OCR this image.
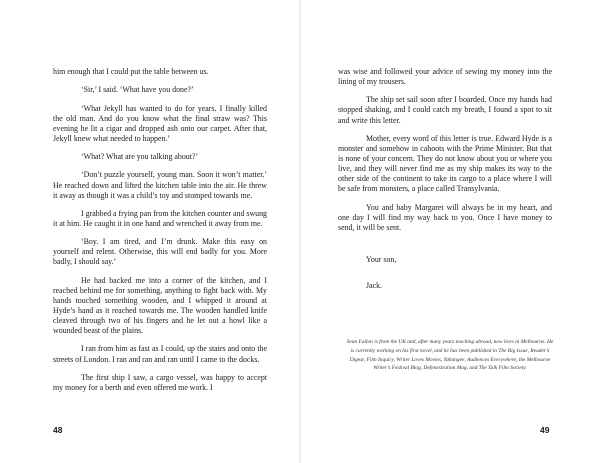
him enough that I could put the table between us.

‘Sir,’ I said. ‘What have you done?’

‘What Jekyll has wanted to do for years. I finally killed the old man. And do you know what the final straw was? This evening he lit a cigar and dropped ash onto our carpet. After that, Jekyll knew what needed to happen.’

‘What? What are you talking about?’

‘Don’t puzzle yourself, young man. Soon it won’t matter.’ He reached down and lifted the kitchen table into the air. He threw it away as though it was a child’s toy and stomped towards me.

I grabbed a frying pan from the kitchen counter and swung it at him. He caught it in one hand and wrenched it away from me.

‘Boy. I am tired, and I’m drunk. Make this easy on yourself and relent. Otherwise, this will end badly for you. More badly, I should say.’

He had backed me into a corner of the kitchen, and I reached behind me for something, anything to fight back with. My hands touched something wooden, and I whipped it around at Hyde’s hand as it reached towards me. The wooden handled knife cleaved through two of his fingers and he let out a howl like a wounded beast of the plains.

I ran from him as fast as I could, up the stairs and onto the streets of London. I ran and ran and ran until I came to the docks.

The first ship I saw, a cargo vessel, was happy to accept my money for a berth and even offered me work. I

48

was wise and followed your advice of sewing my money into the lining of my trousers.

The ship set sail soon after I boarded. Once my hands had stopped shaking, and I could catch my breath, I found a spot to sit and write this letter.

Mother, every word of this letter is true. Edward Hyde is a monster and somehow in cahoots with the Prime Minister. But that is none of your concern. They do not know about you or where you live, and they will never find me as my ship makes its way to the other side of the continent to take its cargo to a place where I will be safe from monsters, a place called Transylvania.

You and baby Margaret will always be in my heart, and one day I will find my way back to you. Once I have money to send, it will be sent.

Your son,

Jack.

Sean Fallon is from the UK and, after many years teaching abroad, now lives in Melbourne. He is currently working on his first novel, and he has been published in The Big Issue, Reader’s Digest, Film Inquiry, Writer Loves Movies, Yabangee, Audiences Everywhere, the Melbourne Writer’s Festival Blog, Defenestration Mag, and The Talk Film Society.
49
